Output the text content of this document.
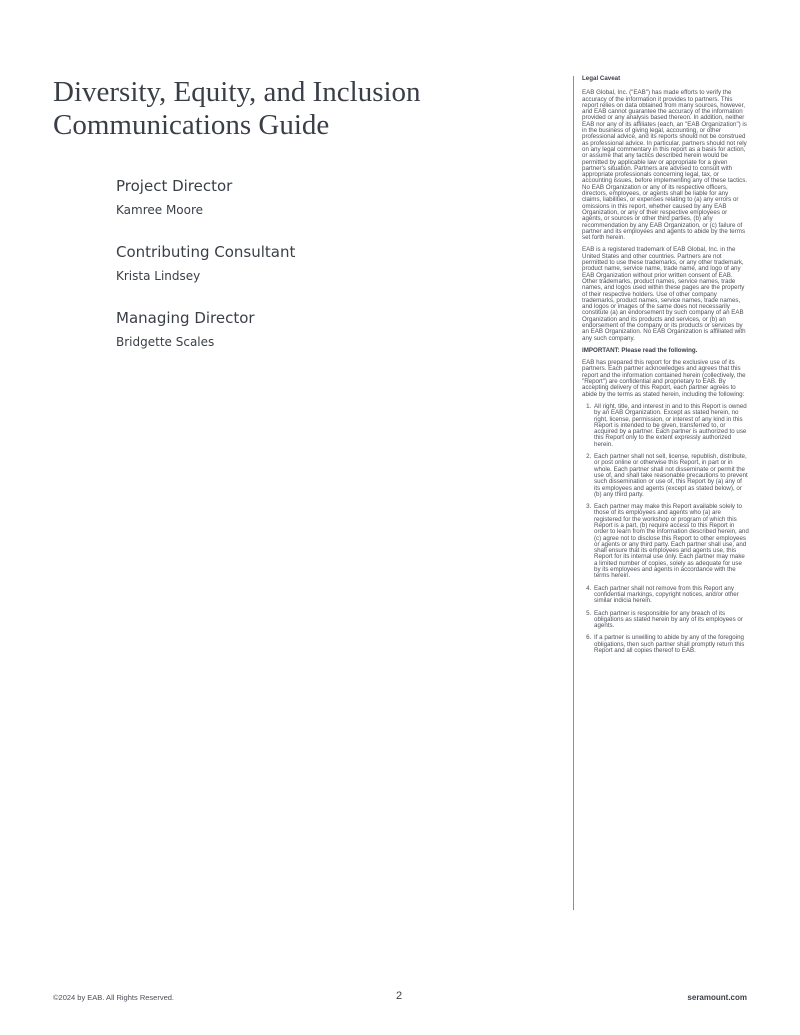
Diversity, Equity, and Inclusion
Communications Guide

Project Director

Kamree Moore

Contributing Consultant

Krista Lindsey

Managing Director

Bridgette Scales

Legal Caveat

EAB Global, Inc. ("EAB") has made efforts to verify the accuracy of the information it provides to partners. This report relies on data obtained from many sources, however, and EAB cannot guarantee the accuracy of the information provided or any analysis based thereon. In addition, neither EAB nor any of its affiliates (each, an "EAB Organization") is in the business of giving legal, accounting, or other professional advice, and its reports should not be construed as professional advice. In particular, partners should not rely on any legal commentary in this report as a basis for action, or assume that any tactics described herein would be permitted by applicable law or appropriate for a given partner's situation. Partners are advised to consult with appropriate professionals concerning legal, tax, or accounting issues, before implementing any of these tactics. No EAB Organization or any of its respective officers, directors, employees, or agents shall be liable for any claims, liabilities, or expenses relating to (a) any errors or omissions in this report, whether caused by any EAB Organization, or any of their respective employees or agents, or sources or other third parties, (b) any recommendation by any EAB Organization, or (c) failure of partner and its employees and agents to abide by the terms set forth herein.

EAB is a registered trademark of EAB Global, Inc. in the United States and other countries. Partners are not permitted to use these trademarks, or any other trademark, product name, service name, trade name, and logo of any EAB Organization without prior written consent of EAB. Other trademarks, product names, service names, trade names, and logos used within these pages are the property of their respective holders. Use of other company trademarks, product names, service names, trade names, and logos or images of the same does not necessarily constitute (a) an endorsement by such company of an EAB Organization and its products and services, or (b) an endorsement of the company or its products or services by an EAB Organization. No EAB Organization is affiliated with any such company.

IMPORTANT: Please read the following.

EAB has prepared this report for the exclusive use of its partners. Each partner acknowledges and agrees that this report and the information contained herein (collectively, the "Report") are confidential and proprietary to EAB. By accepting delivery of this Report, each partner agrees to abide by the terms as stated herein, including the following:

1. All right, title, and interest in and to this Report is owned by an EAB Organization. Except as stated herein, no right, license, permission, or interest of any kind in this Report is intended to be given, transferred to, or acquired by a partner. Each partner is authorized to use this Report only to the extent expressly authorized herein.
2. Each partner shall not sell, license, republish, distribute, or post online or otherwise this Report, in part or in whole. Each partner shall not disseminate or permit the use of, and shall take reasonable precautions to prevent such dissemination or use of, this Report by (a) any of its employees and agents (except as stated below), or (b) any third party.
3. Each partner may make this Report available solely to those of its employees and agents who (a) are registered for the workshop or program of which this Report is a part, (b) require access to this Report in order to learn from the information described herein, and (c) agree not to disclose this Report to other employees or agents or any third party. Each partner shall use, and shall ensure that its employees and agents use, this Report for its internal use only. Each partner may make a limited number of copies, solely as adequate for use by its employees and agents in accordance with the terms herein.
4. Each partner shall not remove from this Report any confidential markings, copyright notices, and/or other similar indicia herein.
5. Each partner is responsible for any breach of its obligations as stated herein by any of its employees or agents.
6. If a partner is unwilling to abide by any of the foregoing obligations, then such partner shall promptly return this Report and all copies thereof to EAB.
©2024 by EAB. All Rights Reserved.	2	seramount.com
